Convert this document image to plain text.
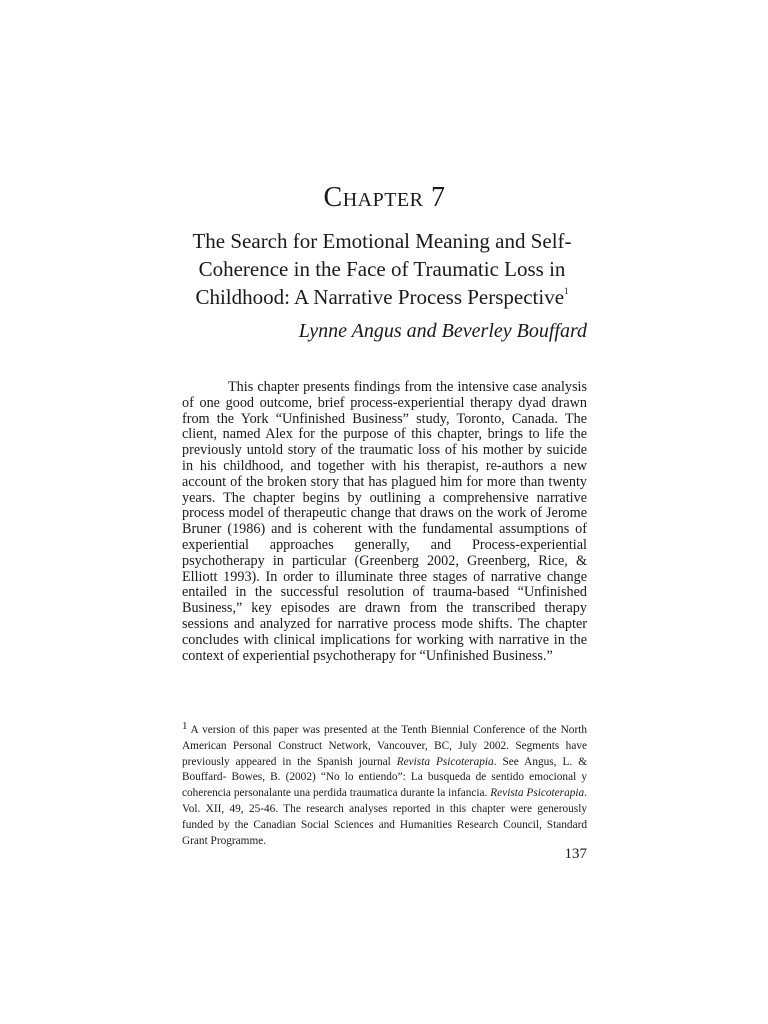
CHAPTER 7
The Search for Emotional Meaning and Self-
Coherence in the Face of Traumatic Loss in
Childhood: A Narrative Process Perspective$^1$
Lynne Angus and Beverley Bouffard

This chapter presents findings from the intensive case analysis of one good outcome, brief process-experiential therapy dyad drawn from the York “Unfinished Business” study, Toronto, Canada. The client, named Alex for the purpose of this chapter, brings to life the previously untold story of the traumatic loss of his mother by suicide in his childhood, and together with his therapist, re-authors a new account of the broken story that has plagued him for more than twenty years. The chapter begins by outlining a comprehensive narrative process model of therapeutic change that draws on the work of Jerome Bruner (1986) and is coherent with the fundamental assumptions of experiential approaches generally, and Process-experiential psychotherapy in particular (Greenberg 2002, Greenberg, Rice, & Elliott 1993). In order to illuminate three stages of narrative change entailed in the successful resolution of trauma-based “Unfinished Business,” key episodes are drawn from the transcribed therapy sessions and analyzed for narrative process mode shifts. The chapter concludes with clinical implications for working with narrative in the context of experiential psychotherapy for “Unfinished Business.”

1 A version of this paper was presented at the Tenth Biennial Conference of the North American Personal Construct Network, Vancouver, BC, July 2002. Segments have previously appeared in the Spanish journal Revista Psicoterapia. See Angus, L. & Bouffard- Bowes, B. (2002) “No lo entiendo”: La busqueda de sentido emocional y coherencia personalante una perdida traumatica durante la infancia. Revista Psicoterapia. Vol. XII, 49, 25-46. The research analyses reported in this chapter were generously funded by the Canadian Social Sciences and Humanities Research Council, Standard Grant Programme.

137
